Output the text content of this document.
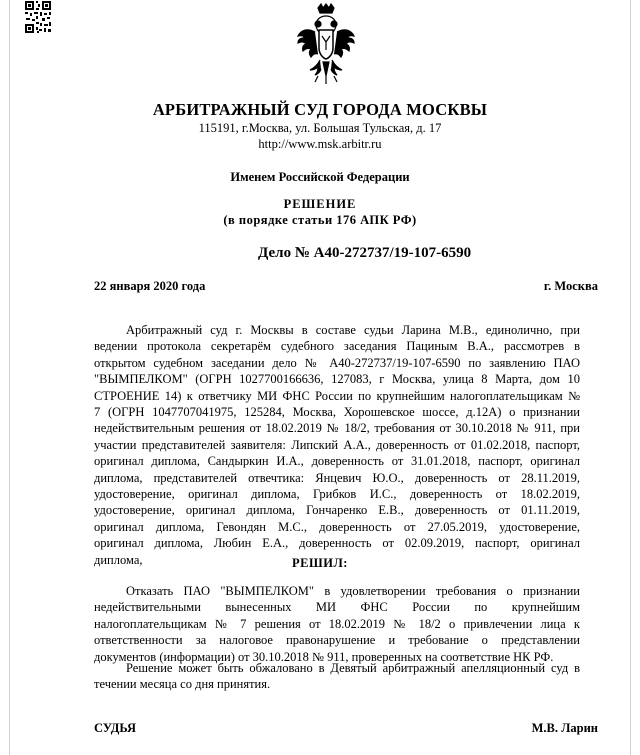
АРБИТРАЖНЫЙ СУД ГОРОДА МОСКВЫ
115191, г.Москва, ул. Большая Тульская, д. 17
http://www.msk.arbitr.ru
Именем Российской Федерации
РЕШЕНИЕ
(в порядке статьи 176 АПК РФ)
Дело № А40-272737/19-107-6590
22 января 2020 года	г. Москва
Арбитражный суд г. Москвы в составе судьи Ларина М.В., единолично, при
ведении протокола секретарём судебного заседания Пациным В.А., рассмотрев в
открытом судебном заседании дело № А40-272737/19-107-6590 по заявлению ПАО
"ВЫМПЕЛКОМ" (ОГРН 1027700166636, 127083, г Москва, улица 8 Марта, дом 10
СТРОЕНИЕ 14) к ответчику МИ ФНС России по крупнейшим налогоплательщикам №
7 (ОГРН 1047707041975, 125284, Москва, Хорошевское шоссе, д.12А) о признании
недействительным решения от 18.02.2019 № 18/2, требования от 30.10.2018 № 911, при
участии представителей заявителя: Липский А.А., доверенность от 01.02.2018, паспорт,
оригинал диплома, Сандыркин И.А., доверенность от 31.01.2018, паспорт, оригинал
диплома, представителей отвечтика: Янцевич Ю.О., доверенность от 28.11.2019,
удостоверение, оригинал диплома, Грибков И.С., доверенность от 18.02.2019,
удостоверение, оригинал диплома, Гончаренко Е.В., доверенность от 01.11.2019,
оригинал диплома, Гевондян М.С., доверенность от 27.05.2019, удостоверение,
оригинал диплома, Любин Е.А., доверенность от 02.09.2019, паспорт, оригинал
диплома,	РЕШИЛ:
Отказать ПАО "ВЫМПЕЛКОМ" в удовлетворении требования о признании
недействительными вынесенных МИ ФНС России по крупнейшим
налогоплательщикам № 7 решения от 18.02.2019 № 18/2 о привлечении лица к
ответственности за налоговое правонарушение и требование о представлении
документов (информации) от 30.10.2018 № 911, проверенных на соответствие НК РФ.
Решение может быть обжаловано в Девятый арбитражный апелляционный суд в
течении месяца со дня принятия.
СУДЬЯ	М.В. Ларин
